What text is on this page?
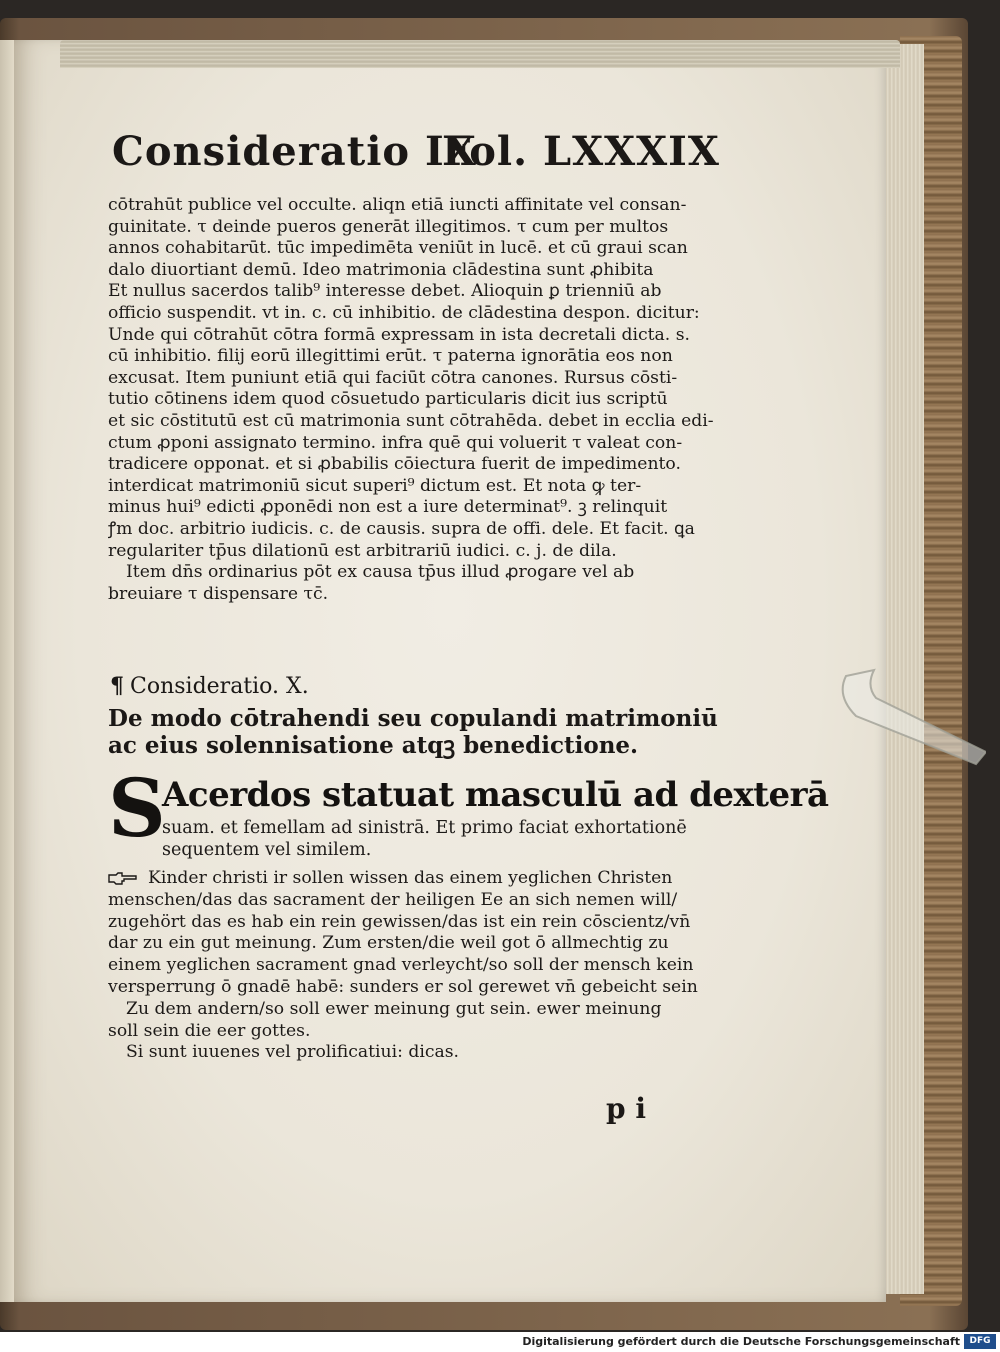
Consideratio IX
Fol. LXXXIX
cōtrahūt publice vel occulte. aliqn etiā iuncti affinitate vel consan-
guinitate. τ deinde pueros generāt illegitimos. τ cum per multos
annos cohabitarūt. tūc impedimēta veniūt in lucē. et cū graui scan
dalo diuortiant̄ demū. Ideo matrimonia clādestina sunt ꝓhibita
Et nullus sacerdos talib⁹ interesse debet. Alioquin ꝑ trienniū ab
officio suspendit̄. vt in. c. cū inhibitio. de clādestina despon. dicitur:
Unde qui cōtrahūt cōtra formā expressam in ista decretali dicta. s.
cū inhibitio. filij eorū illegittimi erūt. τ paterna ignorātia eos non
excusat. Item puniunt̄ etiā qui faciūt cōtra canones. Rursus cōsti-
tutio cōtinens idem quod cōsuetudo particularis dicit̄ ius scriptū
et sic cōstitutū est cū matrimonia sunt cōtrahēda. debet in ecclia edi-
ctum ꝓponi assignato termino. infra quē qui voluerit τ valeat con-
tradicere opponat. et si ꝓbabilis cōiectura fuerit de impedimento.
interdicat̄ matrimoniū sicut superi⁹ dictum est. Et nota ꝙ ter-
minus hui⁹ edicti ꝓponēdi non est a iure determinat⁹. ꝫ relinquit̄
ꝭm doc. arbitrio iudicis. c. de causis. supra de offi. dele. Et facit. ꝗa
regulariter tp̄us dilationū est arbitrariū iudici. c. j. de dila.
Item dn̄s ordinarius pōt ex causa tp̄us illud ꝓrogare vel ab
breuiare τ dispensare τc̄.
¶ Consideratio. X.
De modo cōtrahendi seu copulandi matrimoniū
ac eius solennisatione atqꝫ benedictione.
S
Acerdos statuat masculū ad dexterā
suam. et femellam ad sinistrā. Et primo faciat exhortationē
sequentem vel similem.
Kinder christi ir sollen wissen das einem yeglichen Christen
menschen/das das sacrament der heiligen Ee an sich nemen will/
zugehört das es hab ein rein gewissen/das ist ein rein cōscientz/vn̄
dar zu ein gut meinung. Zum ersten/die weil got ō allmechtig zu
einem yeglichen sacrament gnad verleycht/so soll der mensch kein
versperrung ō gnadē habē: sunders er sol gerewet vn̄ gebeicht sein
Zu dem andern/so soll ewer meinung gut sein. ewer meinung
soll sein die eer gottes.
Si sunt iuuenes vel prolificatiui: dicas.
p i
Digitalisierung gefördert durch die Deutsche Forschungsgemeinschaft	DFG
